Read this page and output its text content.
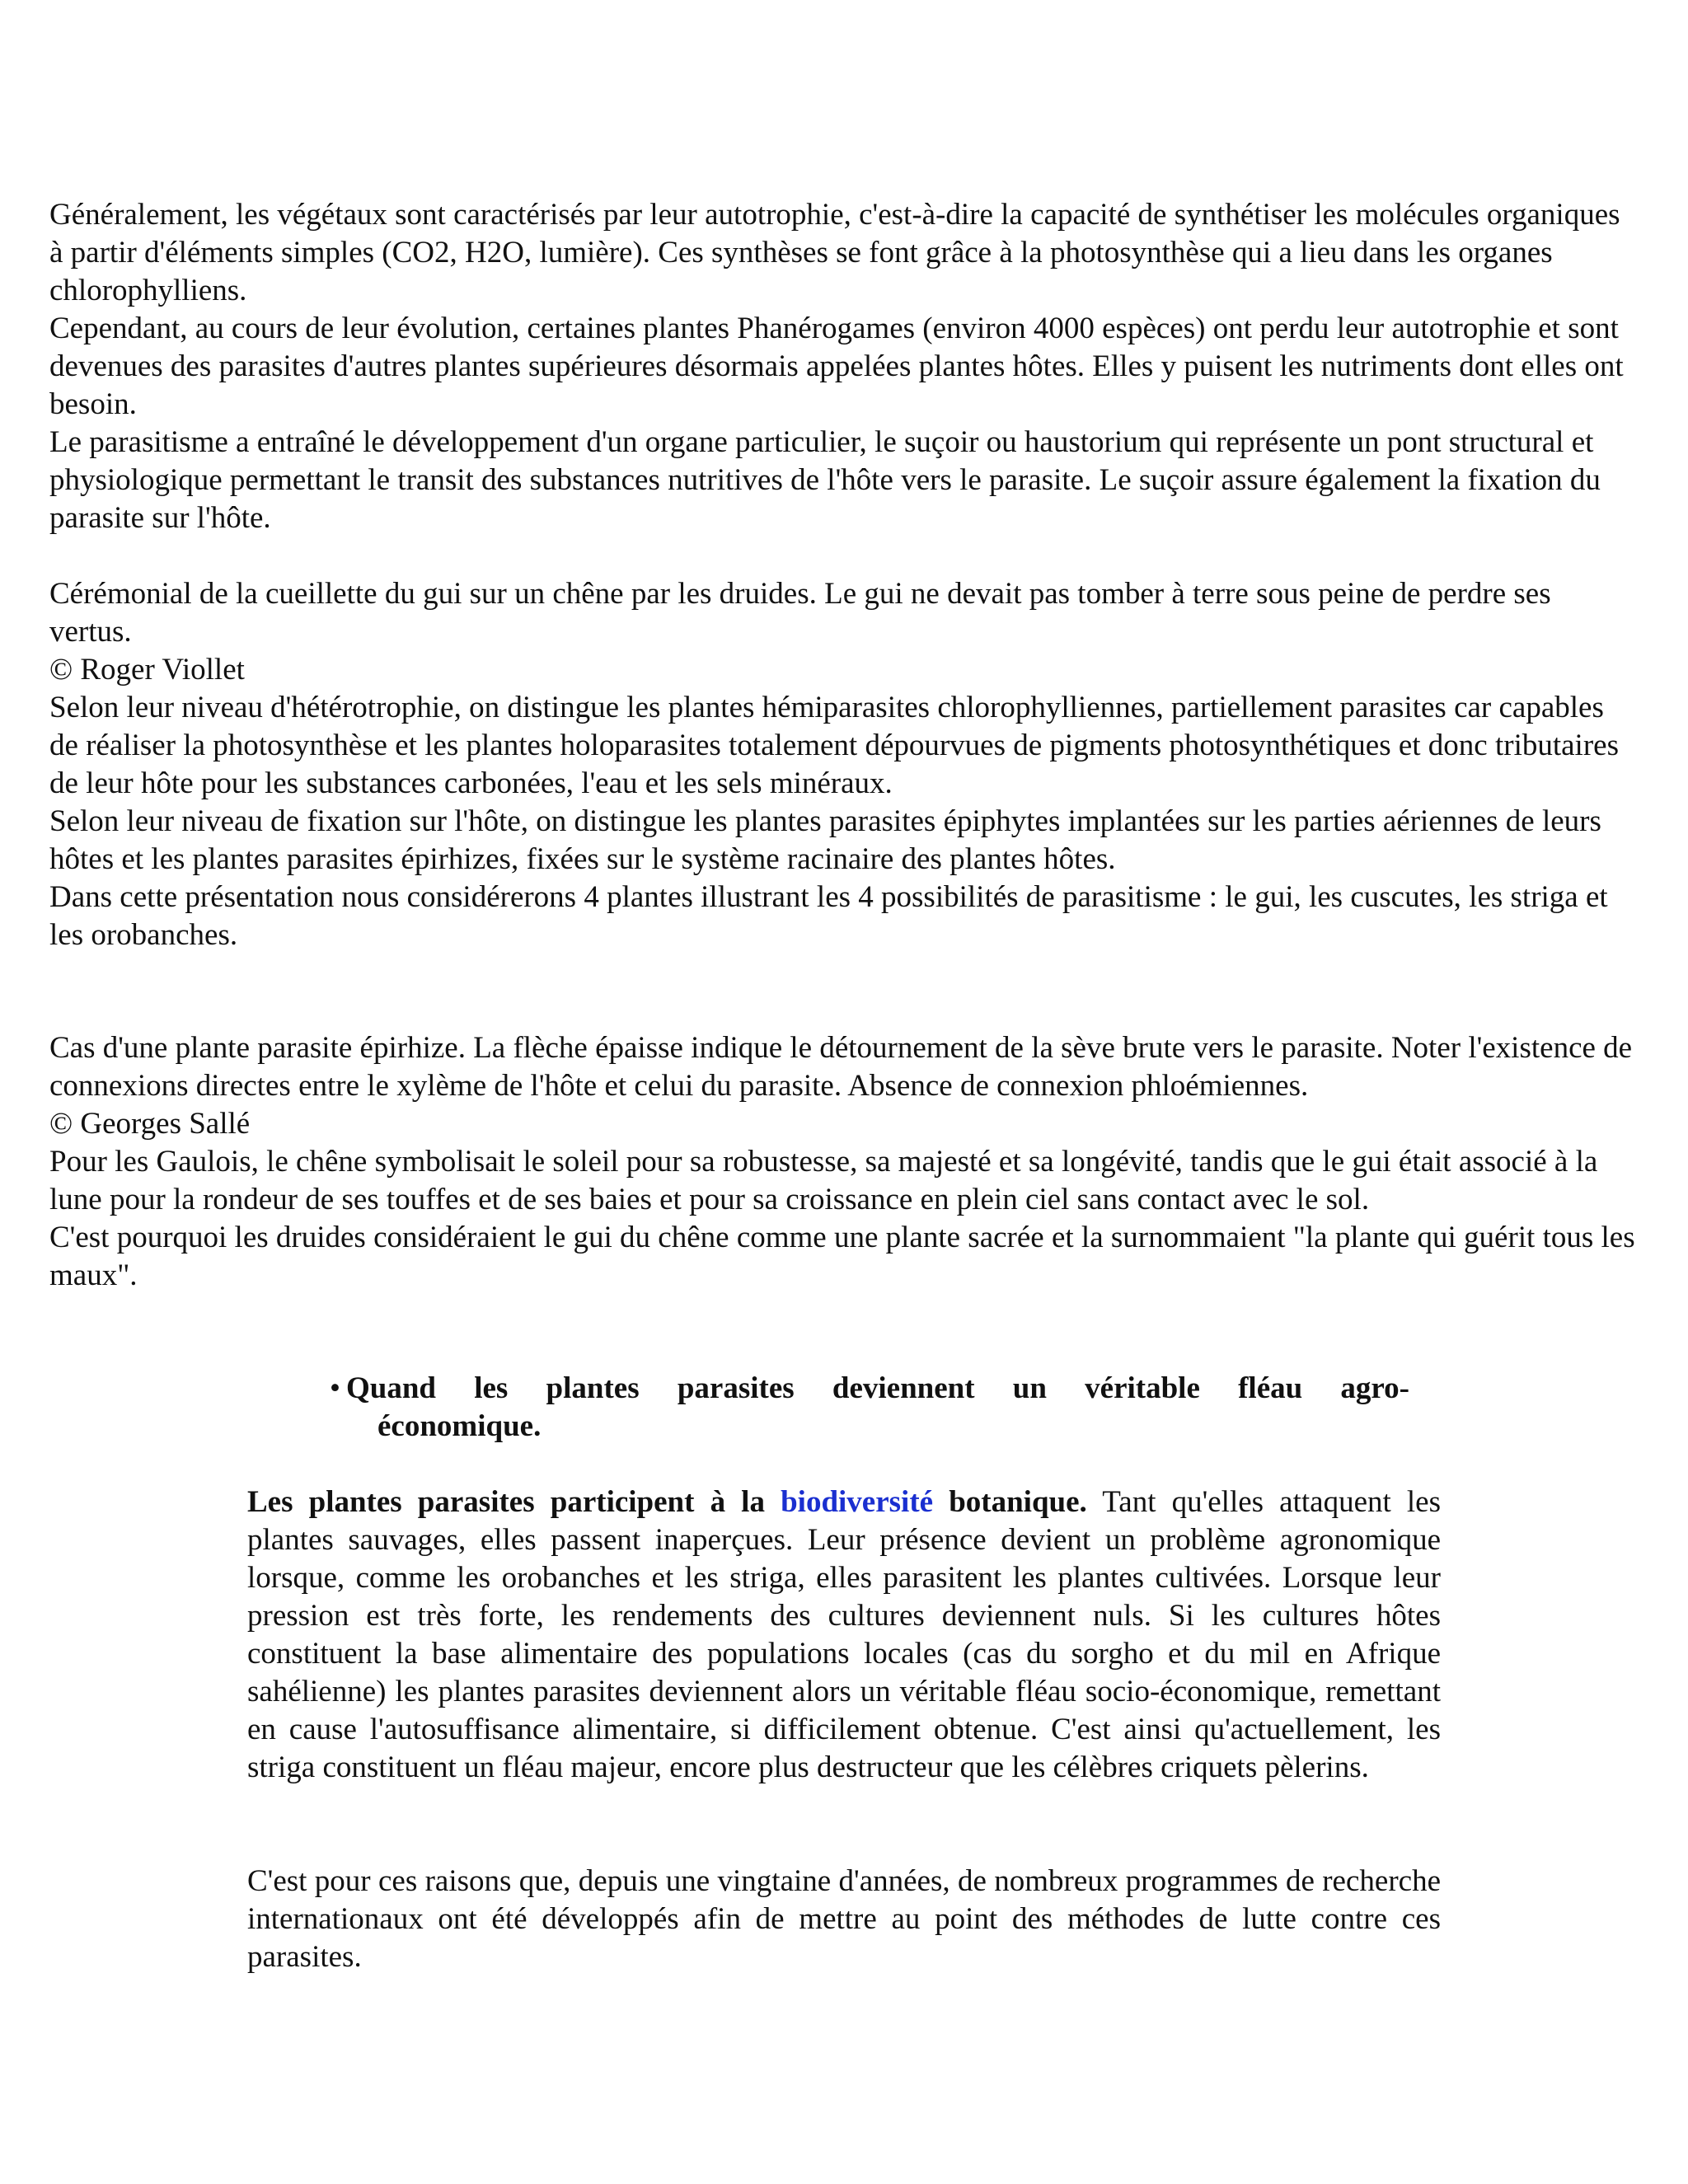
Généralement, les végétaux sont caractérisés par leur autotrophie, c'est-à-dire la capacité de synthétiser les molécules organiques à partir d'éléments simples (CO2, H2O, lumière). Ces synthèses se font grâce à la photosynthèse qui a lieu dans les organes chlorophylliens.

Cependant, au cours de leur évolution, certaines plantes Phanérogames (environ 4000 espèces) ont perdu leur autotrophie et sont devenues des parasites d'autres plantes supérieures désormais appelées plantes hôtes. Elles y puisent les nutriments dont elles ont besoin.

Le parasitisme a entraîné le développement d'un organe particulier, le suçoir ou haustorium qui représente un pont structural et physiologique permettant le transit des substances nutritives de l'hôte vers le parasite. Le suçoir assure également la fixation du parasite sur l'hôte.

Cérémonial de la cueillette du gui sur un chêne par les druides. Le gui ne devait pas tomber à terre sous peine de perdre ses vertus.

© Roger Viollet

Selon leur niveau d'hétérotrophie, on distingue les plantes hémiparasites chlorophylliennes, partiellement parasites car capables de réaliser la photosynthèse et les plantes holoparasites totalement dépourvues de pigments photosynthétiques et donc tributaires de leur hôte pour les substances carbonées, l'eau et les sels minéraux.

Selon leur niveau de fixation sur l'hôte, on distingue les plantes parasites épiphytes implantées sur les parties aériennes de leurs hôtes et les plantes parasites épirhizes, fixées sur le système racinaire des plantes hôtes.

Dans cette présentation nous considérerons 4 plantes illustrant les 4 possibilités de parasitisme : le gui, les cuscutes, les striga et les orobanches.

Cas d'une plante parasite épirhize. La flèche épaisse indique le détournement de la sève brute vers le parasite. Noter l'existence de connexions directes entre le xylème de l'hôte et celui du parasite. Absence de connexion phloémiennes.

© Georges Sallé

Pour les Gaulois, le chêne symbolisait le soleil pour sa robustesse, sa majesté et sa longévité, tandis que le gui était associé à la lune pour la rondeur de ses touffes et de ses baies et pour sa croissance en plein ciel sans contact avec le sol.

C'est pourquoi les druides considéraient le gui du chêne comme une plante sacrée et la surnommaient "la plante qui guérit tous les maux".

• Quand les plantes parasites deviennent un véritable fléau agro-
économique.

Les plantes parasites participent à la biodiversité botanique. Tant qu'elles attaquent les plantes sauvages, elles passent inaperçues. Leur présence devient un problème agronomique lorsque, comme les orobanches et les striga, elles parasitent les plantes cultivées. Lorsque leur pression est très forte, les rendements des cultures deviennent nuls. Si les cultures hôtes constituent la base alimentaire des populations locales (cas du sorgho et du mil en Afrique sahélienne) les plantes parasites deviennent alors un véritable fléau socio-économique, remettant en cause l'autosuffisance alimentaire, si difficilement obtenue. C'est ainsi qu'actuellement, les striga constituent un fléau majeur, encore plus destructeur que les célèbres criquets pèlerins.

C'est pour ces raisons que, depuis une vingtaine d'années, de nombreux programmes de recherche internationaux ont été développés afin de mettre au point des méthodes de lutte contre ces parasites.
